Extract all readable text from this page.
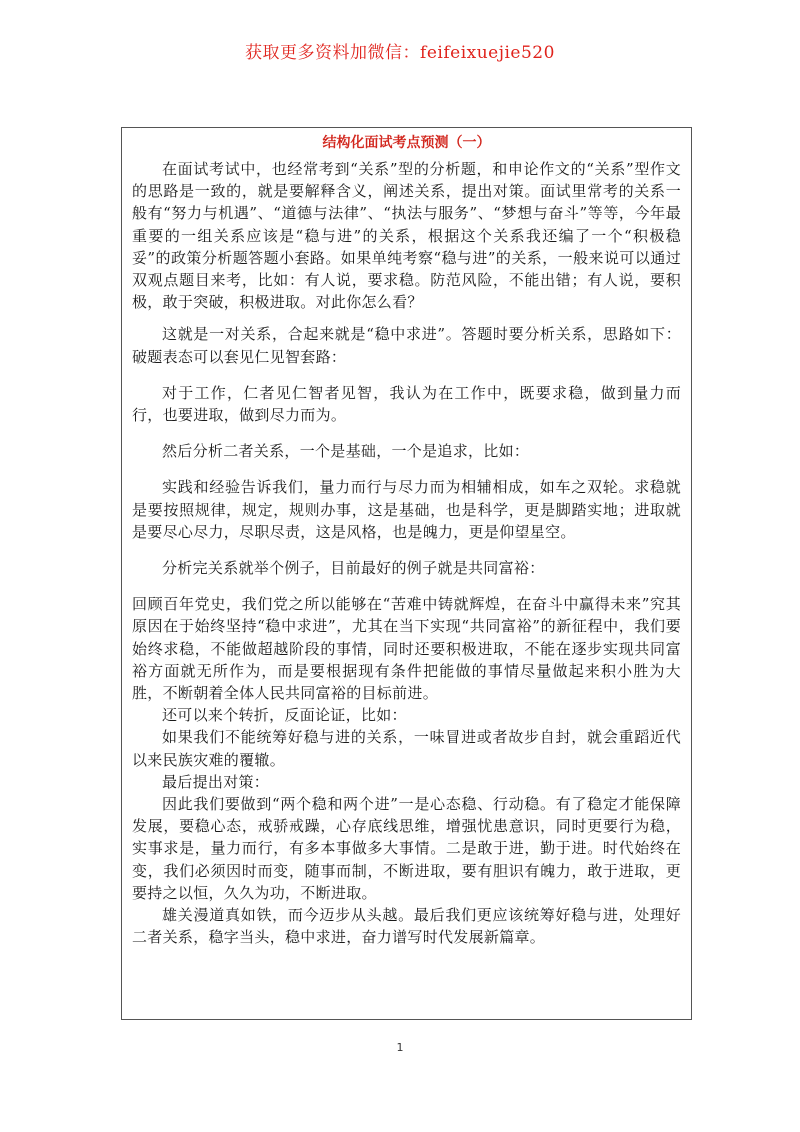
获取更多资料加微信：feifeixuejie520
结构化面试考点预测（一）

在面试考试中，也经常考到“关系”型的分析题，和申论作文的“关系”型作文的思路是一致的，就是要解释含义，阐述关系，提出对策。面试里常考的关系一般有“努力与机遇”、“道德与法律”、“执法与服务”、“梦想与奋斗”等等，今年最重要的一组关系应该是“稳与进”的关系，根据这个关系我还编了一个“积极稳妥”的政策分析题答题小套路。如果单纯考察“稳与进”的关系，一般来说可以通过双观点题目来考，比如：有人说，要求稳。防范风险，不能出错；有人说，要积极，敢于突破，积极进取。对此你怎么看？

这就是一对关系，合起来就是“稳中求进”。答题时要分析关系，思路如下：破题表态可以套见仁见智套路：

对于工作，仁者见仁智者见智，我认为在工作中，既要求稳，做到量力而行，也要进取，做到尽力而为。

然后分析二者关系，一个是基础，一个是追求，比如：

实践和经验告诉我们，量力而行与尽力而为相辅相成，如车之双轮。求稳就是要按照规律，规定，规则办事，这是基础，也是科学，更是脚踏实地；进取就是要尽心尽力，尽职尽责，这是风格，也是魄力，更是仰望星空。

分析完关系就举个例子，目前最好的例子就是共同富裕：

回顾百年党史，我们党之所以能够在“苦难中铸就辉煌，在奋斗中赢得未来”究其原因在于始终坚持“稳中求进”，尤其在当下实现“共同富裕”的新征程中，我们要始终求稳，不能做超越阶段的事情，同时还要积极进取，不能在逐步实现共同富裕方面就无所作为，而是要根据现有条件把能做的事情尽量做起来积小胜为大胜，不断朝着全体人民共同富裕的目标前进。

还可以来个转折，反面论证，比如：

如果我们不能统筹好稳与进的关系，一味冒进或者故步自封，就会重蹈近代以来民族灾难的覆辙。

最后提出对策：

因此我们要做到“两个稳和两个进”一是心态稳、行动稳。有了稳定才能保障发展，要稳心态，戒骄戒躁，心存底线思维，增强忧患意识，同时更要行为稳，实事求是，量力而行，有多本事做多大事情。二是敢于进，勤于进。时代始终在变，我们必须因时而变，随事而制，不断进取，要有胆识有魄力，敢于进取，更要持之以恒，久久为功，不断进取。

雄关漫道真如铁，而今迈步从头越。最后我们更应该统筹好稳与进，处理好二者关系，稳字当头，稳中求进，奋力谱写时代发展新篇章。

1
